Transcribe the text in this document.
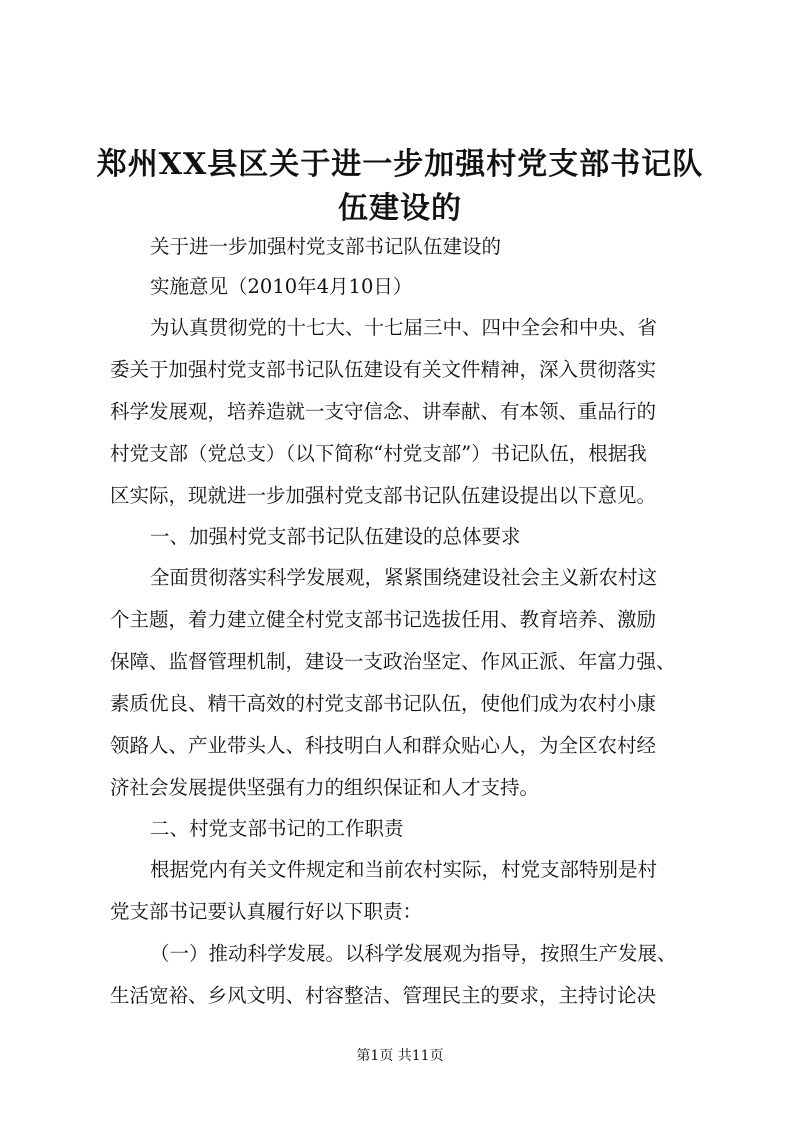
郑州XX县区关于进一步加强村党支部书记队
伍建设的

关于进一步加强村党支部书记队伍建设的

实施意见（2010年4月10日）

为认真贯彻党的十七大、十七届三中、四中全会和中央、省

委关于加强村党支部书记队伍建设有关文件精神，深入贯彻落实

科学发展观，培养造就一支守信念、讲奉献、有本领、重品行的

村党支部（党总支）（以下简称“村党支部”）书记队伍，根据我

区实际，现就进一步加强村党支部书记队伍建设提出以下意见。

一、加强村党支部书记队伍建设的总体要求

全面贯彻落实科学发展观，紧紧围绕建设社会主义新农村这

个主题，着力建立健全村党支部书记选拔任用、教育培养、激励

保障、监督管理机制，建设一支政治坚定、作风正派、年富力强、

素质优良、精干高效的村党支部书记队伍，使他们成为农村小康

领路人、产业带头人、科技明白人和群众贴心人，为全区农村经

济社会发展提供坚强有力的组织保证和人才支持。

二、村党支部书记的工作职责

根据党内有关文件规定和当前农村实际，村党支部特别是村

党支部书记要认真履行好以下职责：

（一）推动科学发展。以科学发展观为指导，按照生产发展、

生活宽裕、乡风文明、村容整洁、管理民主的要求，主持讨论决

第1页 共11页
